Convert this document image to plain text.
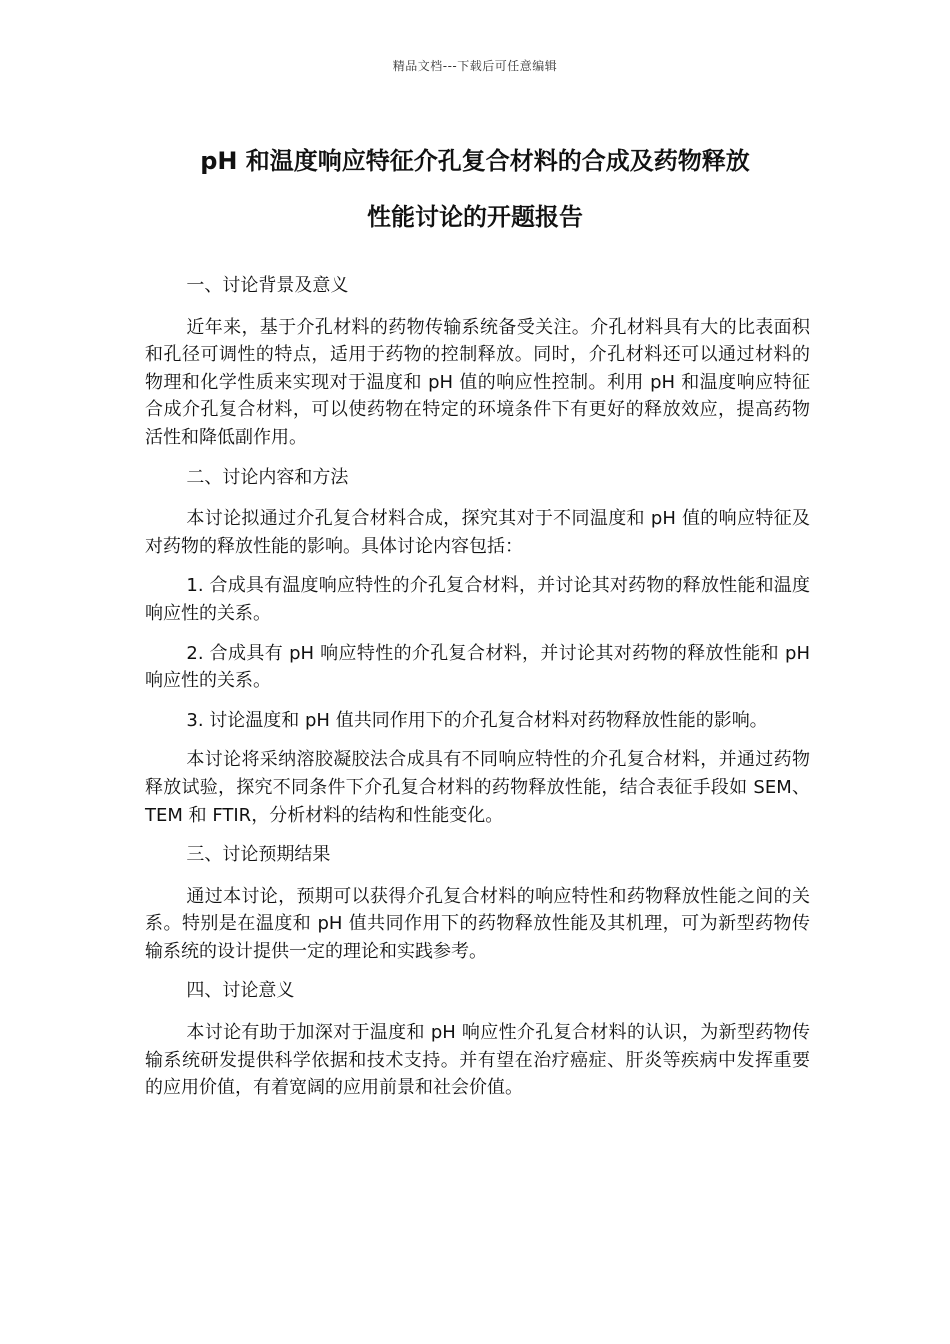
精品文档---下载后可任意编辑
pH 和温度响应特征介孔复合材料的合成及药物释放
性能讨论的开题报告

一、讨论背景及意义

近年来，基于介孔材料的药物传输系统备受关注。介孔材料具有大的比表面积和孔径可调性的特点，适用于药物的控制释放。同时，介孔材料还可以通过材料的物理和化学性质来实现对于温度和 pH 值的响应性控制。利用 pH 和温度响应特征合成介孔复合材料，可以使药物在特定的环境条件下有更好的释放效应，提高药物活性和降低副作用。

二、讨论内容和方法

本讨论拟通过介孔复合材料合成，探究其对于不同温度和 pH 值的响应特征及对药物的释放性能的影响。具体讨论内容包括：

1. 合成具有温度响应特性的介孔复合材料，并讨论其对药物的释放性能和温度响应性的关系。

2. 合成具有 pH 响应特性的介孔复合材料，并讨论其对药物的释放性能和 pH 响应性的关系。

3. 讨论温度和 pH 值共同作用下的介孔复合材料对药物释放性能的影响。

本讨论将采纳溶胶凝胶法合成具有不同响应特性的介孔复合材料，并通过药物释放试验，探究不同条件下介孔复合材料的药物释放性能，结合表征手段如 SEM、TEM 和 FTIR，分析材料的结构和性能变化。

三、讨论预期结果

通过本讨论，预期可以获得介孔复合材料的响应特性和药物释放性能之间的关系。特别是在温度和 pH 值共同作用下的药物释放性能及其机理，可为新型药物传输系统的设计提供一定的理论和实践参考。

四、讨论意义

本讨论有助于加深对于温度和 pH 响应性介孔复合材料的认识，为新型药物传输系统研发提供科学依据和技术支持。并有望在治疗癌症、肝炎等疾病中发挥重要的应用价值，有着宽阔的应用前景和社会价值。
